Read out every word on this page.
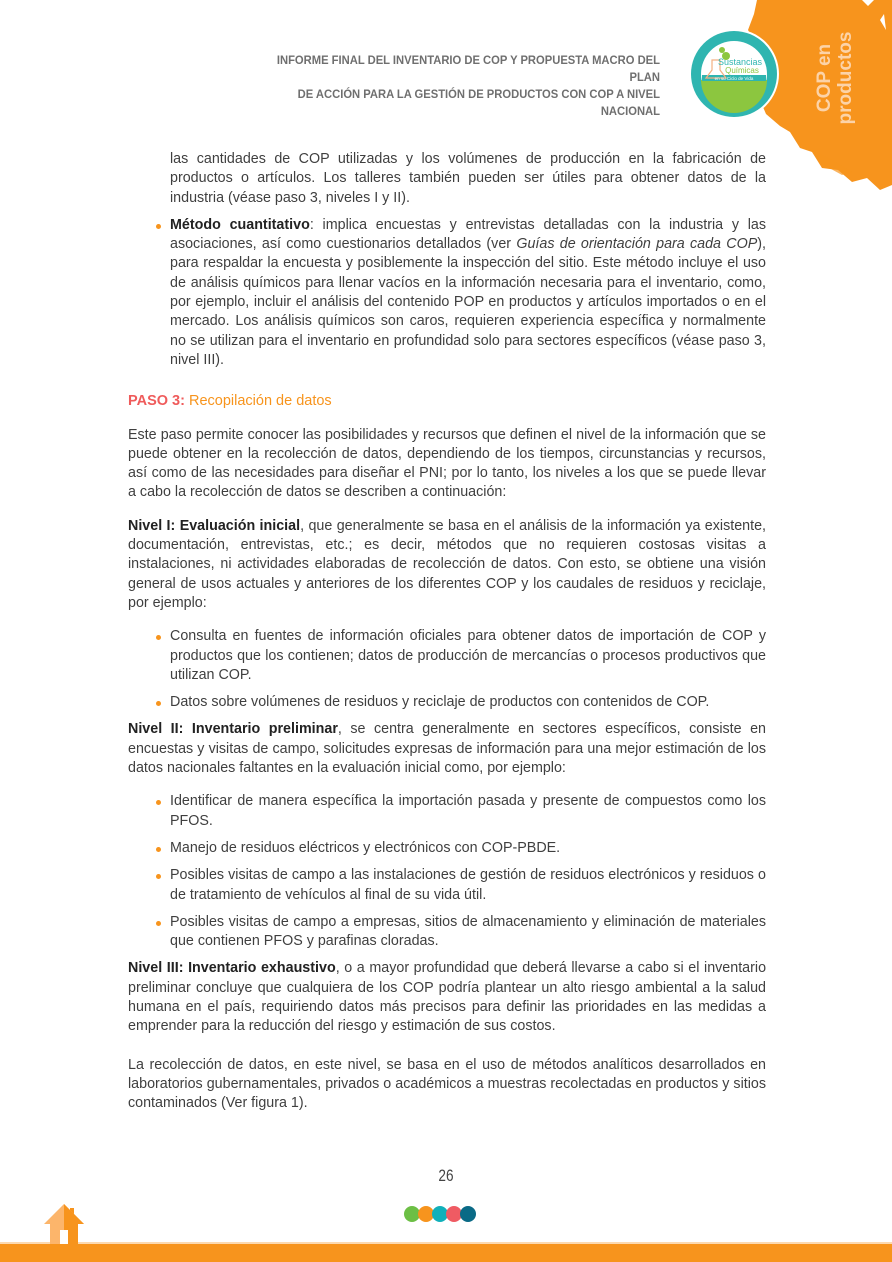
Sustancias
Químicas
en su Ciclo de Vida
INFORME FINAL DEL INVENTARIO DE COP Y PROPUESTA MACRO DEL PLAN
DE ACCIÓN PARA LA GESTIÓN DE PRODUCTOS CON COP A NIVEL NACIONAL	COP en productos

las cantidades de COP utilizadas y los volúmenes de producción en la fabricación de productos o artículos. Los talleres también pueden ser útiles para obtener datos de la industria (véase paso 3, niveles I y II).

Método cuantitativo: implica encuestas y entrevistas detalladas con la industria y las asociaciones, así como cuestionarios detallados (ver Guías de orientación para cada COP), para respaldar la encuesta y posiblemente la inspección del sitio. Este método incluye el uso de análisis químicos para llenar vacíos en la información necesaria para el inventario, como, por ejemplo, incluir el análisis del contenido POP en productos y artículos importados o en el mercado. Los análisis químicos son caros, requieren experiencia específica y normalmente no se utilizan para el inventario en profundidad solo para sectores específicos (véase paso 3, nivel III).
PASO 3: Recopilación de datos

Este paso permite conocer las posibilidades y recursos que definen el nivel de la información que se puede obtener en la recolección de datos, dependiendo de los tiempos, circunstancias y recursos, así como de las necesidades para diseñar el PNI; por lo tanto, los niveles a los que se puede llevar a cabo la recolección de datos se describen a continuación:

Nivel I: Evaluación inicial, que generalmente se basa en el análisis de la información ya existente, documentación, entrevistas, etc.; es decir, métodos que no requieren costosas visitas a instalaciones, ni actividades elaboradas de recolección de datos. Con esto, se obtiene una visión general de usos actuales y anteriores de los diferentes COP y los caudales de residuos y reciclaje, por ejemplo:

Consulta en fuentes de información oficiales para obtener datos de importación de COP y productos que los contienen; datos de producción de mercancías o procesos productivos que utilizan COP.
Datos sobre volúmenes de residuos y reciclaje de productos con contenidos de COP.

Nivel II: Inventario preliminar, se centra generalmente en sectores específicos, consiste en encuestas y visitas de campo, solicitudes expresas de información para una mejor estimación de los datos nacionales faltantes en la evaluación inicial como, por ejemplo:

Identificar de manera específica la importación pasada y presente de compuestos como los PFOS.
Manejo de residuos eléctricos y electrónicos con COP-PBDE.
Posibles visitas de campo a las instalaciones de gestión de residuos electrónicos y residuos o de tratamiento de vehículos al final de su vida útil.
Posibles visitas de campo a empresas, sitios de almacenamiento y eliminación de materiales que contienen PFOS y parafinas cloradas.

Nivel III: Inventario exhaustivo, o a mayor profundidad que deberá llevarse a cabo si el inventario preliminar concluye que cualquiera de los COP podría plantear un alto riesgo ambiental a la salud humana en el país, requiriendo datos más precisos para definir las prioridades en las medidas a emprender para la reducción del riesgo y estimación de sus costos.

La recolección de datos, en este nivel, se basa en el uso de métodos analíticos desarrollados en laboratorios gubernamentales, privados o académicos a muestras recolectadas en productos y sitios contaminados (Ver figura 1).

26
